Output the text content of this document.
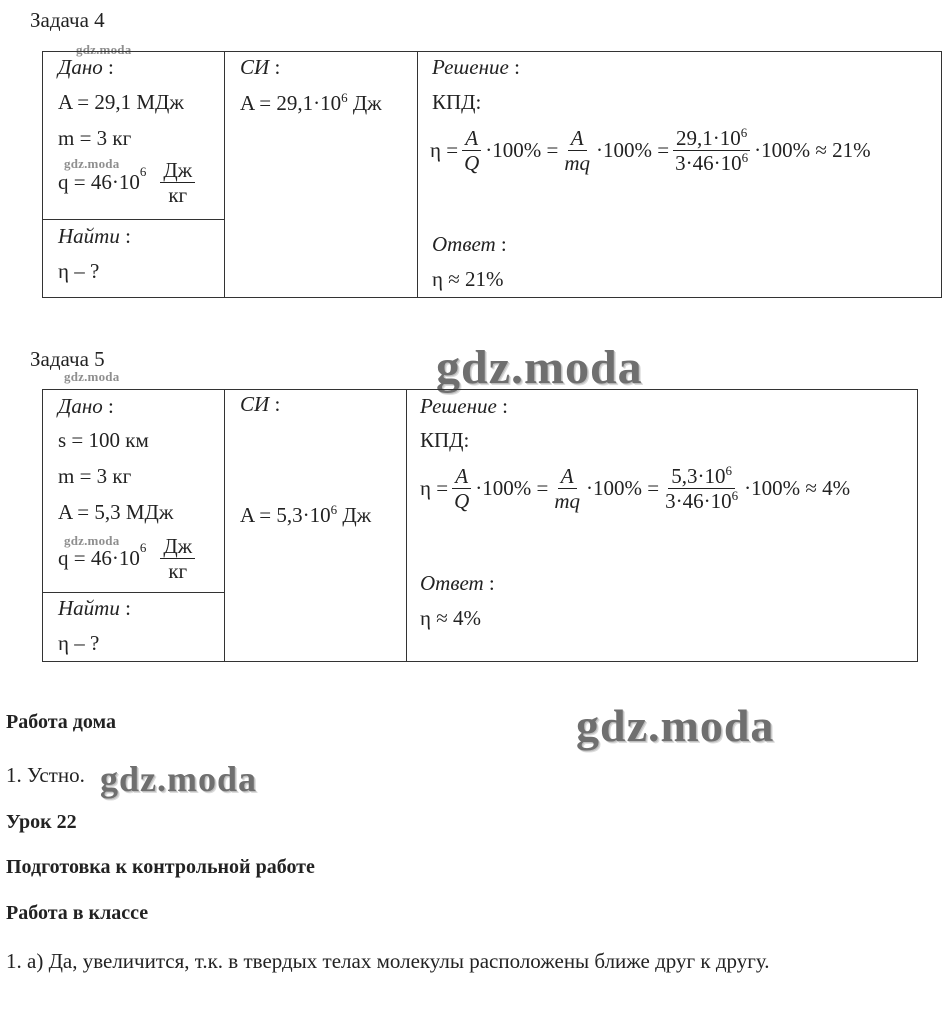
Задача 4
gdz.moda
Дано :
A = 29,1 МДж
m = 3 кг
gdz.moda
$q = 46\cdot 10^6 \frac{Дж}{кг}$
Найти :
η – ?
СИ :
$A = 29,1\cdot 10^6$ Дж
Решение :
КПД:
$\eta = \frac{A}{Q} \cdot 100\% = \frac{A}{mq} \cdot 100\% = \frac{29,1\cdot 10^6}{3\cdot 46\cdot 10^6} \cdot 100\% \approx 21\%$
Ответ :
η ≈ 21%
Задача 5
gdz.moda	gdz.moda
Дано :
s = 100 км
m = 3 кг
A = 5,3 МДж
gdz.moda
$q = 46\cdot 10^6 \frac{Дж}{кг}$
Найти :
η – ?
СИ :
$A = 5,3\cdot 10^6$ Дж
Решение :
КПД:
$\eta = \frac{A}{Q} \cdot 100\% = \frac{A}{mq} \cdot 100\% = \frac{5,3\cdot 10^6}{3\cdot 46\cdot 10^6} \cdot 100\% \approx 4\%$
Ответ :
η ≈ 4%
Работа дома	gdz.moda
1. Устно. gdz.moda
Урок 22
Подготовка к контрольной работе
Работа в классе
1. а) Да, увеличится, т.к. в твердых телах молекулы расположены ближе друг к другу.
